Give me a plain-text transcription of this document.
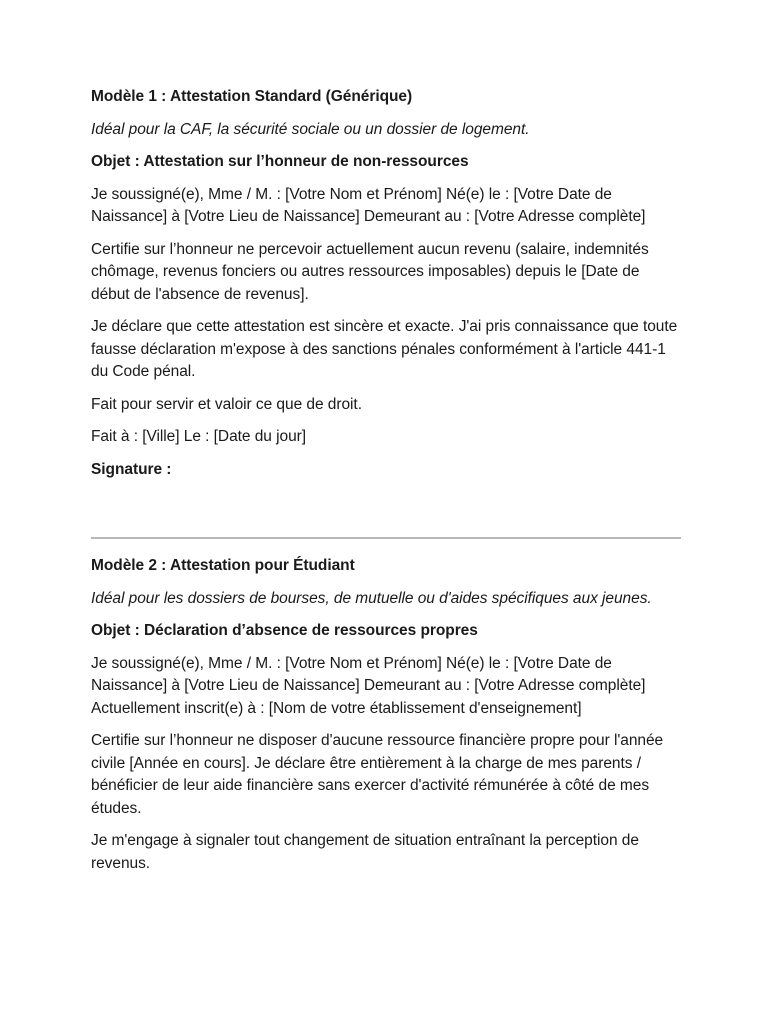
Modèle 1 : Attestation Standard (Générique)

Idéal pour la CAF, la sécurité sociale ou un dossier de logement.

Objet : Attestation sur l’honneur de non-ressources

Je soussigné(e), Mme / M. : [Votre Nom et Prénom] Né(e) le : [Votre Date de Naissance] à [Votre Lieu de Naissance] Demeurant au : [Votre Adresse complète]

Certifie sur l’honneur ne percevoir actuellement aucun revenu (salaire, indemnités chômage, revenus fonciers ou autres ressources imposables) depuis le [Date de début de l'absence de revenus].

Je déclare que cette attestation est sincère et exacte. J'ai pris connaissance que toute fausse déclaration m'expose à des sanctions pénales conformément à l'article 441-1 du Code pénal.

Fait pour servir et valoir ce que de droit.

Fait à : [Ville] Le : [Date du jour]

Signature :

Modèle 2 : Attestation pour Étudiant

Idéal pour les dossiers de bourses, de mutuelle ou d'aides spécifiques aux jeunes.

Objet : Déclaration d’absence de ressources propres

Je soussigné(e), Mme / M. : [Votre Nom et Prénom] Né(e) le : [Votre Date de Naissance] à [Votre Lieu de Naissance] Demeurant au : [Votre Adresse complète] Actuellement inscrit(e) à : [Nom de votre établissement d'enseignement]

Certifie sur l’honneur ne disposer d'aucune ressource financière propre pour l'année civile [Année en cours]. Je déclare être entièrement à la charge de mes parents / bénéficier de leur aide financière sans exercer d'activité rémunérée à côté de mes études.

Je m'engage à signaler tout changement de situation entraînant la perception de revenus.
